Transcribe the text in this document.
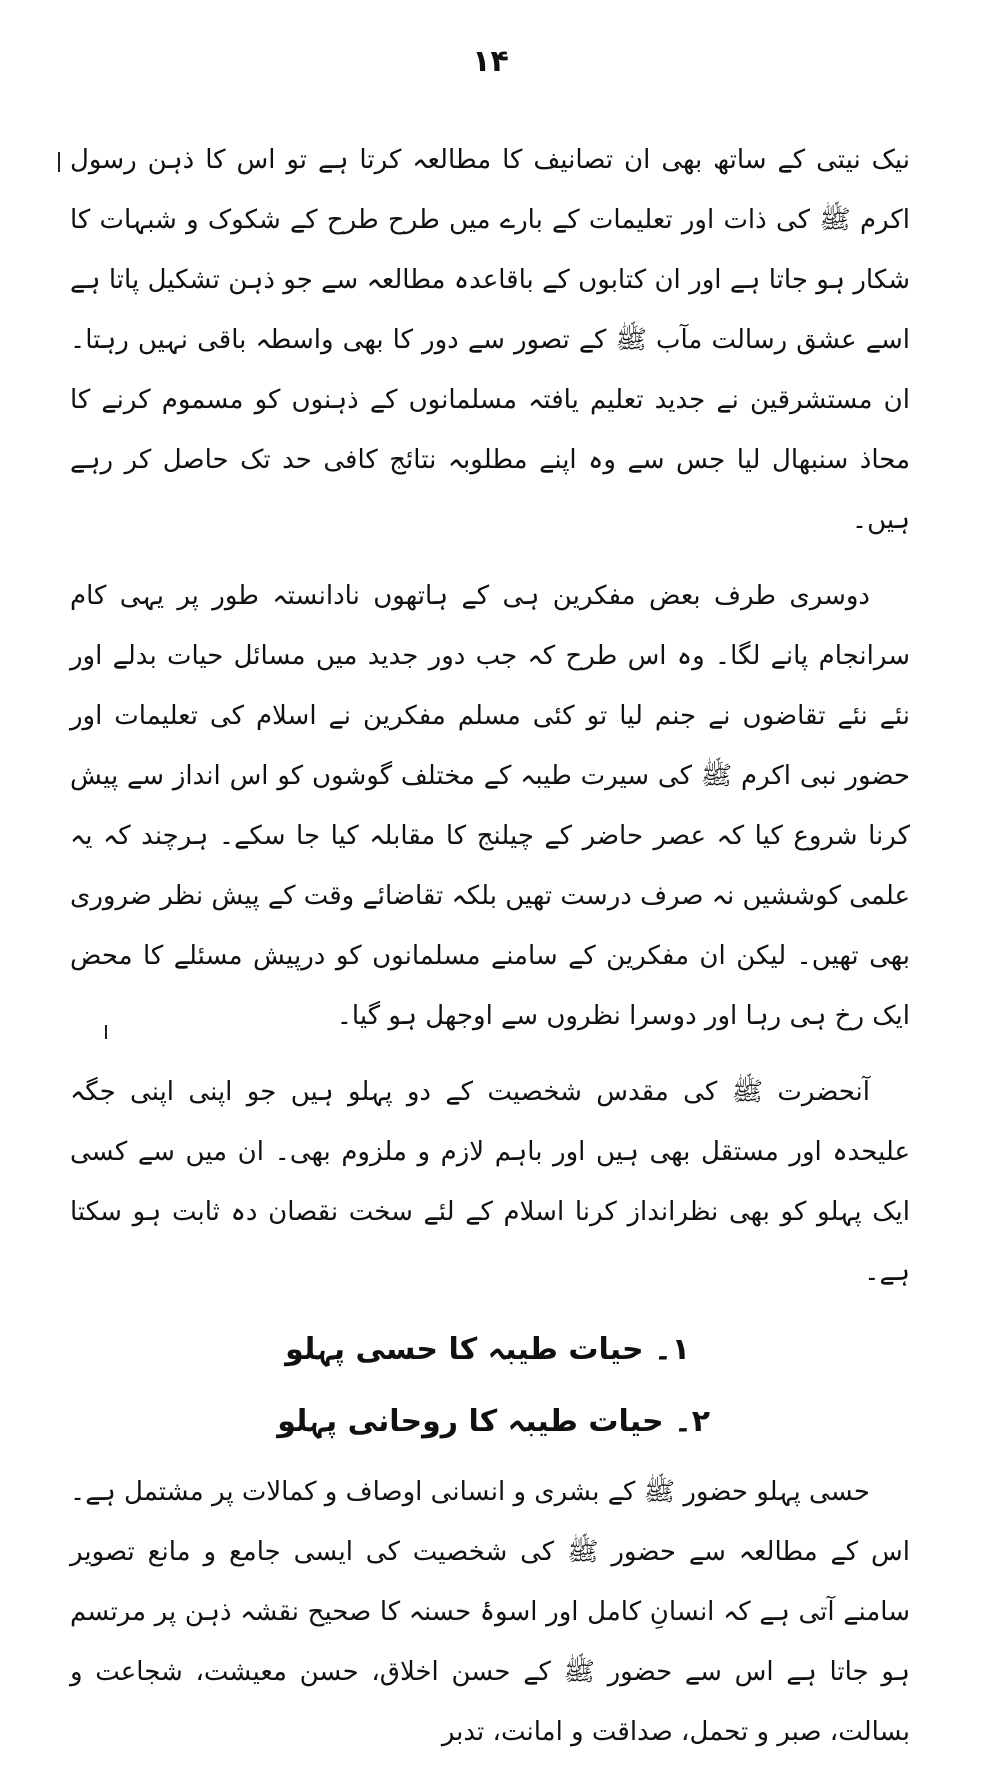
۱۴

نیک نیتی کے ساتھ بھی ان تصانیف کا مطالعہ کرتا ہے تو اس کا ذہن رسول اکرم ﷺ کی ذات اور تعلیمات کے بارے میں طرح طرح کے شکوک و شبہات کا شکار ہو جاتا ہے اور ان کتابوں کے باقاعدہ مطالعہ سے جو ذہن تشکیل پاتا ہے اسے عشق رسالت مآب ﷺ کے تصور سے دور کا بھی واسطہ باقی نہیں رہتا۔ ان مستشرقین نے جدید تعلیم یافتہ مسلمانوں کے ذہنوں کو مسموم کرنے کا محاذ سنبھال لیا جس سے وہ اپنے مطلوبہ نتائج کافی حد تک حاصل کر رہے ہیں۔

دوسری طرف بعض مفکرین ہی کے ہاتھوں نادانستہ طور پر یہی کام سرانجام پانے لگا۔ وہ اس طرح کہ جب دور جدید میں مسائل حیات بدلے اور نئے نئے تقاضوں نے جنم لیا تو کئی مسلم مفکرین نے اسلام کی تعلیمات اور حضور نبی اکرم ﷺ کی سیرت طیبہ کے مختلف گوشوں کو اس انداز سے پیش کرنا شروع کیا کہ عصر حاضر کے چیلنج کا مقابلہ کیا جا سکے۔ ہرچند کہ یہ علمی کوششیں نہ صرف درست تھیں بلکہ تقاضائے وقت کے پیش نظر ضروری بھی تھیں۔ لیکن ان مفکرین کے سامنے مسلمانوں کو درپیش مسئلے کا محض ایک رخ ہی رہا اور دوسرا نظروں سے اوجھل ہو گیا۔

آنحضرت ﷺ کی مقدس شخصیت کے دو پہلو ہیں جو اپنی اپنی جگہ علیحدہ اور مستقل بھی ہیں اور باہم لازم و ملزوم بھی۔ ان میں سے کسی ایک پہلو کو بھی نظرانداز کرنا اسلام کے لئے سخت نقصان دہ ثابت ہو سکتا ہے۔

۱۔ حیات طیبہ کا حسی پہلو
۲۔ حیات طیبہ کا روحانی پہلو

حسی پہلو حضور ﷺ کے بشری و انسانی اوصاف و کمالات پر مشتمل ہے۔ اس کے مطالعہ سے حضور ﷺ کی شخصیت کی ایسی جامع و مانع تصویر سامنے آتی ہے کہ انسانِ کامل اور اسوۂ حسنہ کا صحیح نقشہ ذہن پر مرتسم ہو جاتا ہے اس سے حضور ﷺ کے حسن اخلاق، حسن معیشت، شجاعت و بسالت، صبر و تحمل، صداقت و امانت، تدبر
